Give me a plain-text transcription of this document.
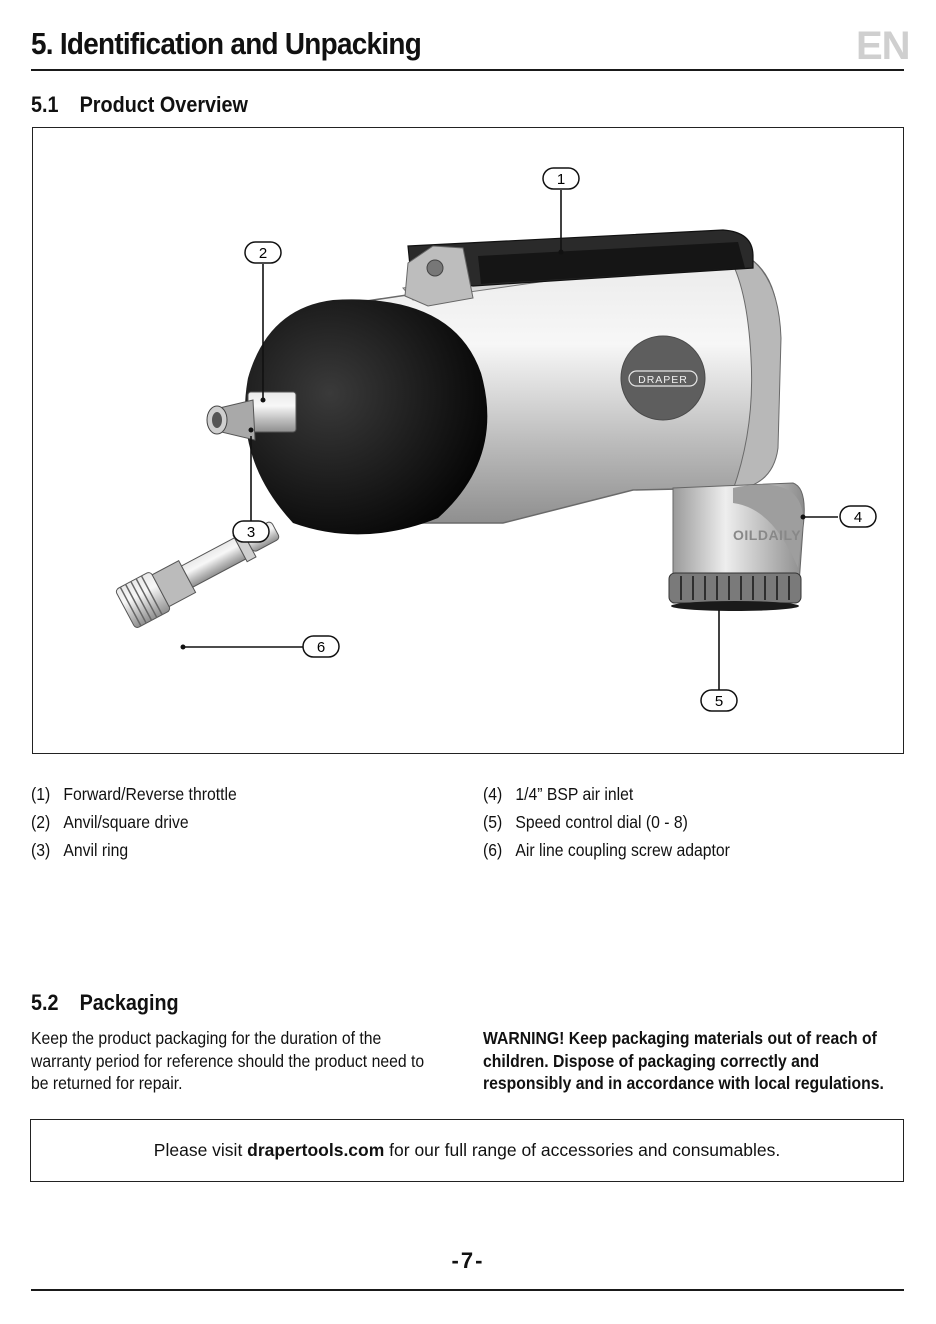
5. Identification and Unpacking	EN
5.1 Product Overview
DRAPER
OILDAILY
1
2
3
4
5
6
(1) Forward/Reverse throttle
(2) Anvil/square drive
(3) Anvil ring
(4) 1/4” BSP air inlet
(5) Speed control dial (0 - 8)
(6) Air line coupling screw adaptor
5.2 Packaging
Keep the product packaging for the duration of the warranty period for reference should the product need to be returned for repair.
WARNING! Keep packaging materials out of reach of children. Dispose of packaging correctly and responsibly and in accordance with local regulations.
Please visit drapertools.com for our full range of accessories and consumables.
-7-
